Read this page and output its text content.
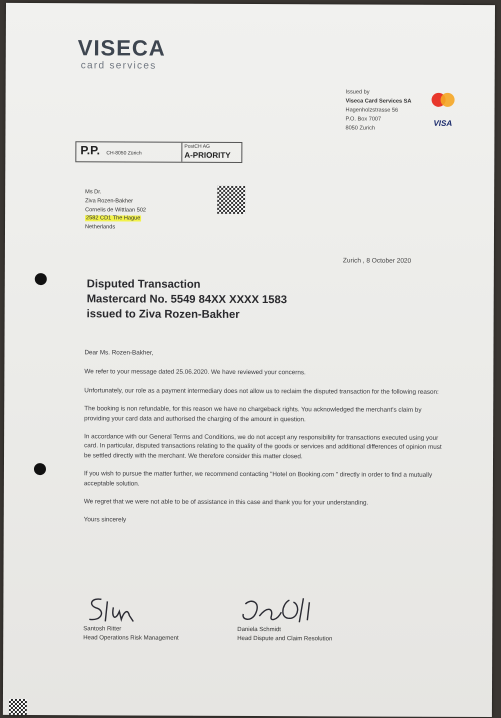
VISECA
card services
Issued by
Viseca Card Services SA
Hagenholzstrasse 56
P.O. Box 7007
8050 Zurich
VISA
P.P. CH-8050 Zürich
PostCH AG
A-PRIORITY
Ms Dr.
Ziva Rozen-Bakher
Cornelis de Wittlaan 502
2582 CD1 The Hague
Netherlands
Zurich , 8 October 2020
Disputed Transaction
Mastercard No. 5549 84XX XXXX 1583
issued to Ziva Rozen-Bakher

Dear Ms. Rozen-Bakher,

We refer to your message dated 25.06.2020. We have reviewed your concerns.

Unfortunately, our role as a payment intermediary does not allow us to reclaim the disputed transaction for the following reason:

The booking is non refundable, for this reason we have no chargeback rights. You acknowledged the merchant's claim by providing your card data and authorised the charging of the amount in question.

In accordance with our General Terms and Conditions, we do not accept any responsibility for transactions executed using your card. In particular, disputed transactions relating to the quality of the goods or services and additional differences of opinion must be settled directly with the merchant. We therefore consider this matter closed.

If you wish to pursue the matter further, we recommend contacting "Hotel on Booking.com " directly in order to find a mutually acceptable solution.

We regret that we were not able to be of assistance in this case and thank you for your understanding.

Yours sincerely

Santosh Ritter
Head Operations Risk Management
Daniela Schmidt
Head Dispute and Claim Resolution
